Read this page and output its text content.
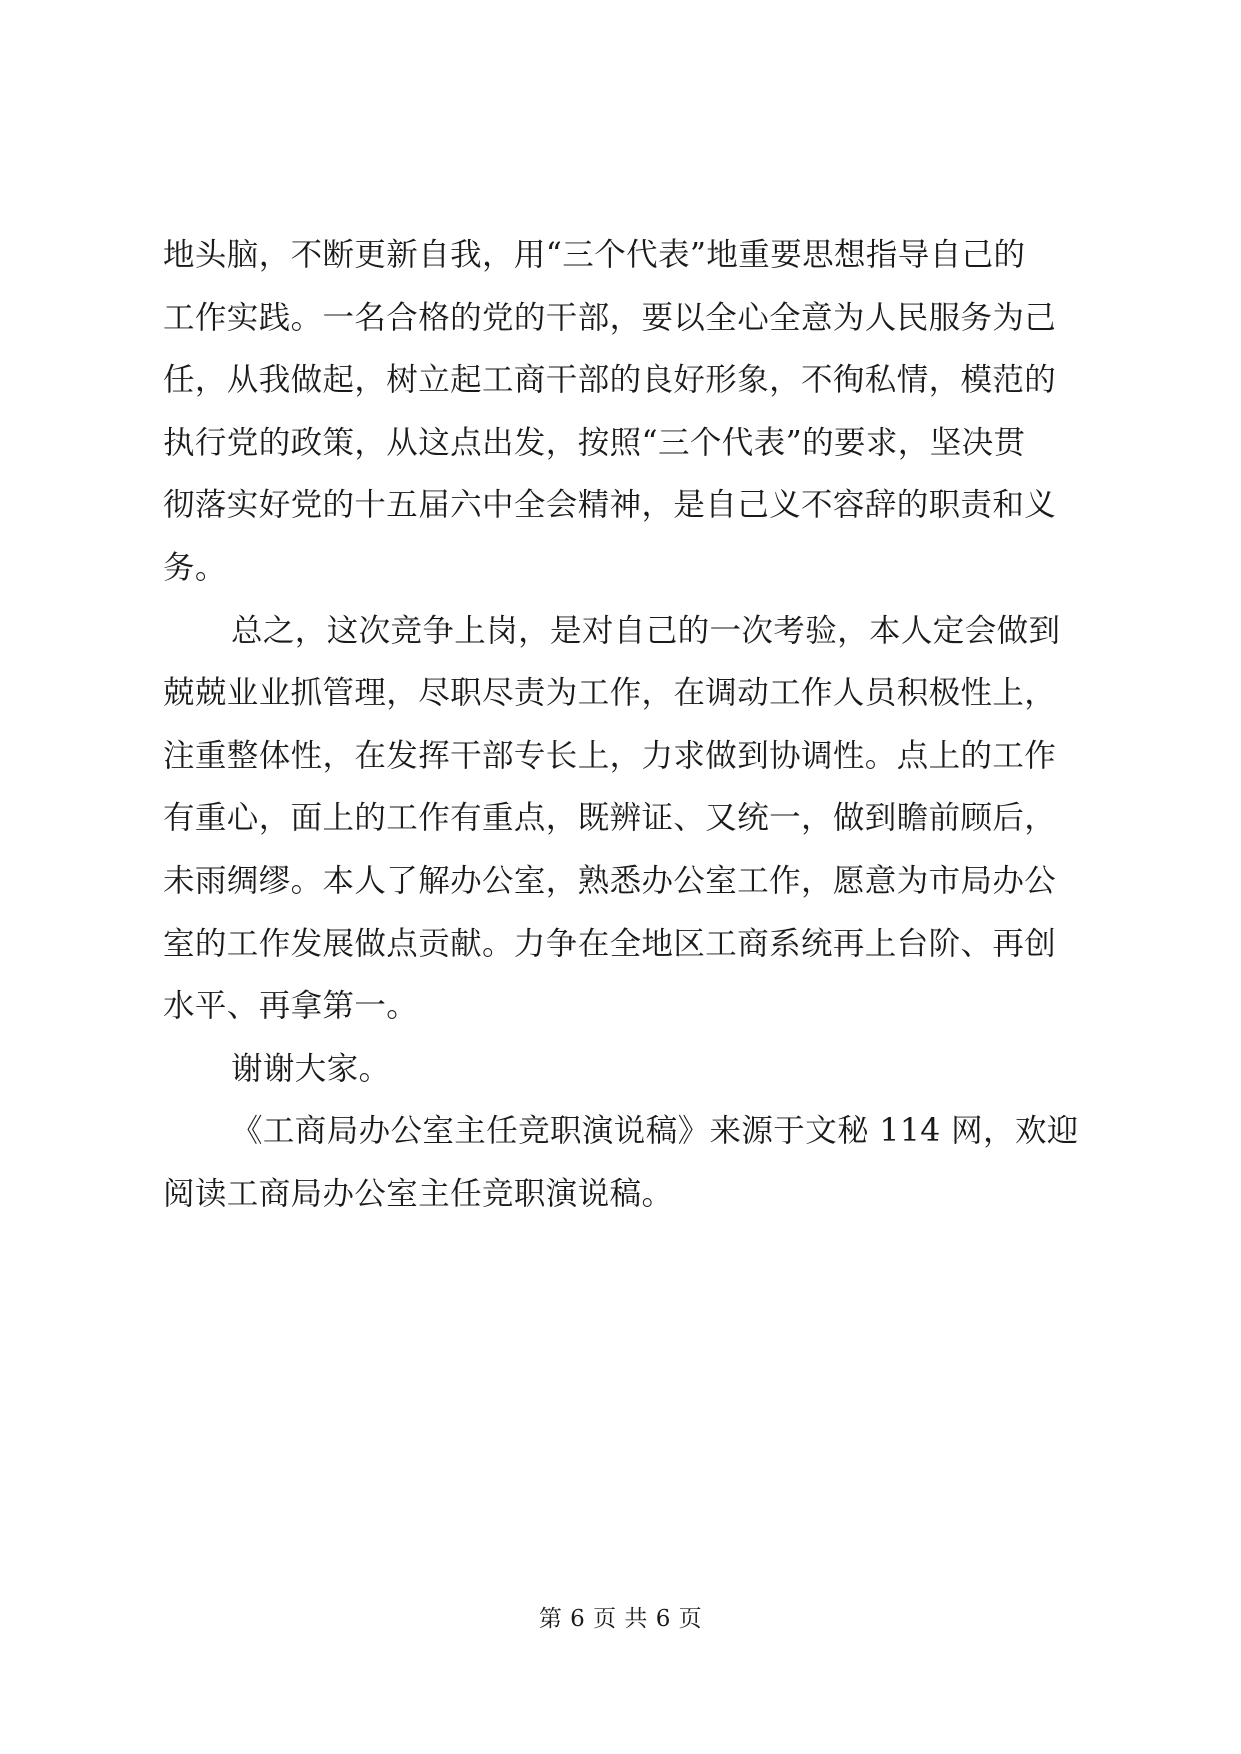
地头脑，不断更新自我，用“三个代表”地重要思想指导自己的
工作实践。一名合格的党的干部，要以全心全意为人民服务为己
任，从我做起，树立起工商干部的良好形象，不徇私情，模范的
执行党的政策，从这点出发，按照“三个代表”的要求，坚决贯
彻落实好党的十五届六中全会精神，是自己义不容辞的职责和义
务。
总之，这次竞争上岗，是对自己的一次考验，本人定会做到
兢兢业业抓管理，尽职尽责为工作，在调动工作人员积极性上，
注重整体性，在发挥干部专长上，力求做到协调性。点上的工作
有重心，面上的工作有重点，既辨证、又统一，做到瞻前顾后，
未雨绸缪。本人了解办公室，熟悉办公室工作，愿意为市局办公
室的工作发展做点贡献。力争在全地区工商系统再上台阶、再创
水平、再拿第一。
谢谢大家。
《工商局办公室主任竞职演说稿》来源于文秘 114 网，欢迎
阅读工商局办公室主任竞职演说稿。
第 6 页 共 6 页
